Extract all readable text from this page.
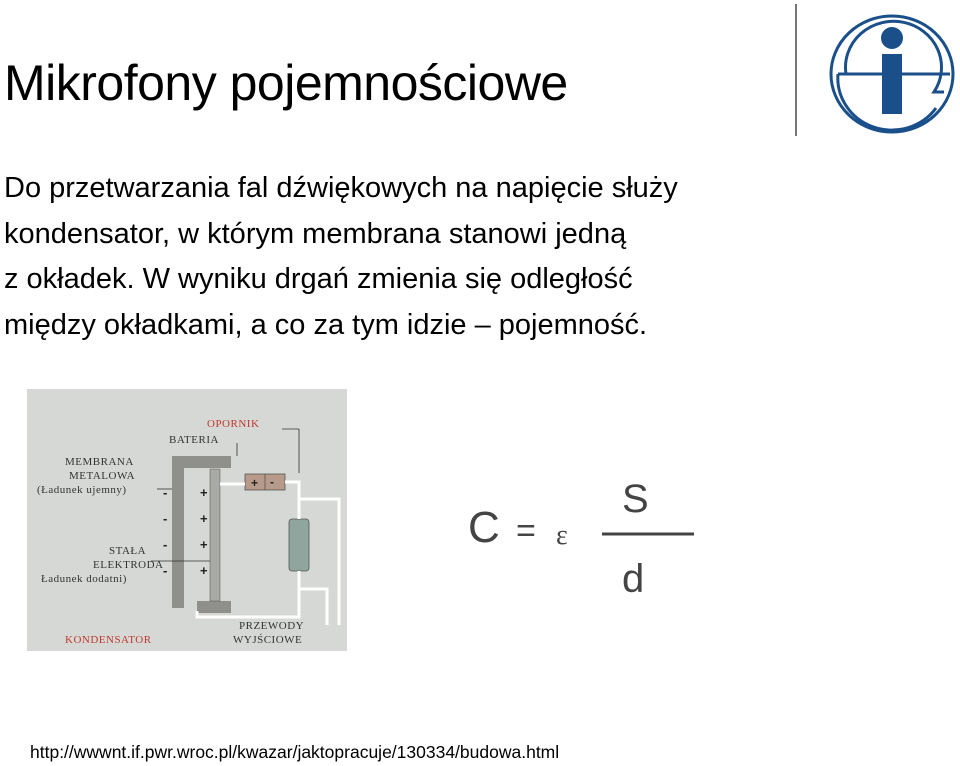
Mikrofony pojemnościowe

Do przetwarzania fal dźwiękowych na napięcie służy

kondensator, w którym membrana stanowi jedną

z okładek. W wyniku drgań zmienia się odległość

między okładkami, a co za tym idzie – pojemność.

OPORNIK
BATERIA
MEMBRANA
METALOWA
(Ładunek ujemny)
STAŁA
ELEKTRODA
Ładunek dodatni)
KONDENSATOR
PRZEWODY
WYJŚCIOWE
+ -
+
+
+
+
-
-
-
-
C = ε
S
d
http://wwwnt.if.pwr.wroc.pl/kwazar/jaktopracuje/130334/budowa.html
